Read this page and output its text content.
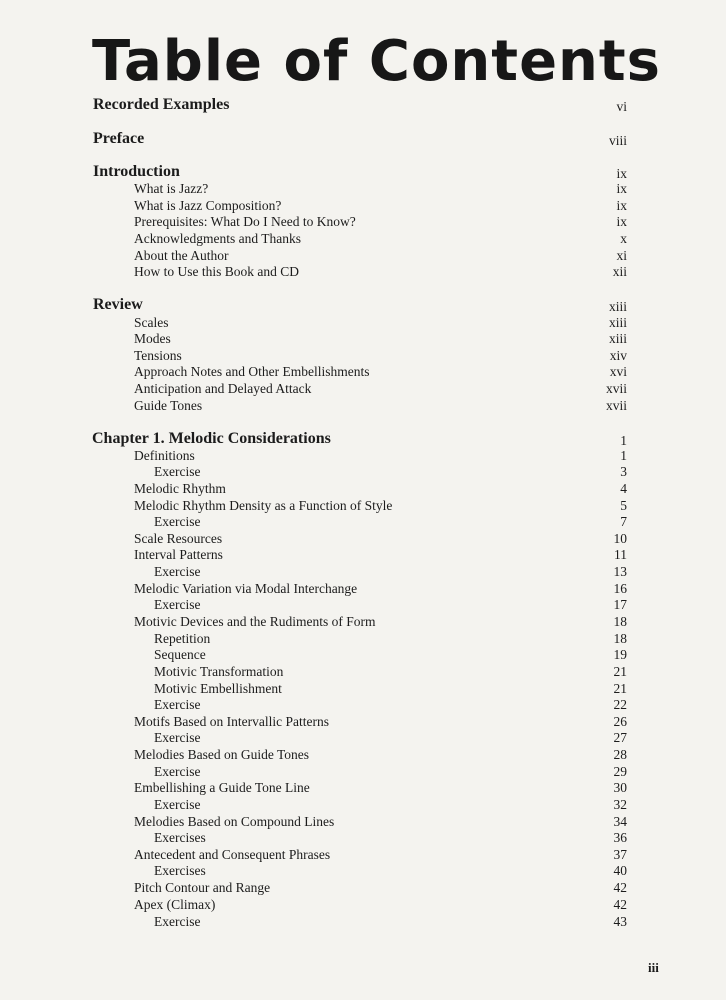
Table of Contents
Recorded Examples	vi
Preface	viii
Introduction	ix
What is Jazz?	ix
What is Jazz Composition?	ix
Prerequisites: What Do I Need to Know?	ix
Acknowledgments and Thanks	x
About the Author	xi
How to Use this Book and CD	xii
Review	xiii
Scales	xiii
Modes	xiii
Tensions	xiv
Approach Notes and Other Embellishments	xvi
Anticipation and Delayed Attack	xvii
Guide Tones	xvii
Chapter 1. Melodic Considerations	1
Definitions	1
Exercise	3
Melodic Rhythm	4
Melodic Rhythm Density as a Function of Style	5
Exercise	7
Scale Resources	10
Interval Patterns	11
Exercise	13
Melodic Variation via Modal Interchange	16
Exercise	17
Motivic Devices and the Rudiments of Form	18
Repetition	18
Sequence	19
Motivic Transformation	21
Motivic Embellishment	21
Exercise	22
Motifs Based on Intervallic Patterns	26
Exercise	27
Melodies Based on Guide Tones	28
Exercise	29
Embellishing a Guide Tone Line	30
Exercise	32
Melodies Based on Compound Lines	34
Exercises	36
Antecedent and Consequent Phrases	37
Exercises	40
Pitch Contour and Range	42
Apex (Climax)	42
Exercise	43
iii
